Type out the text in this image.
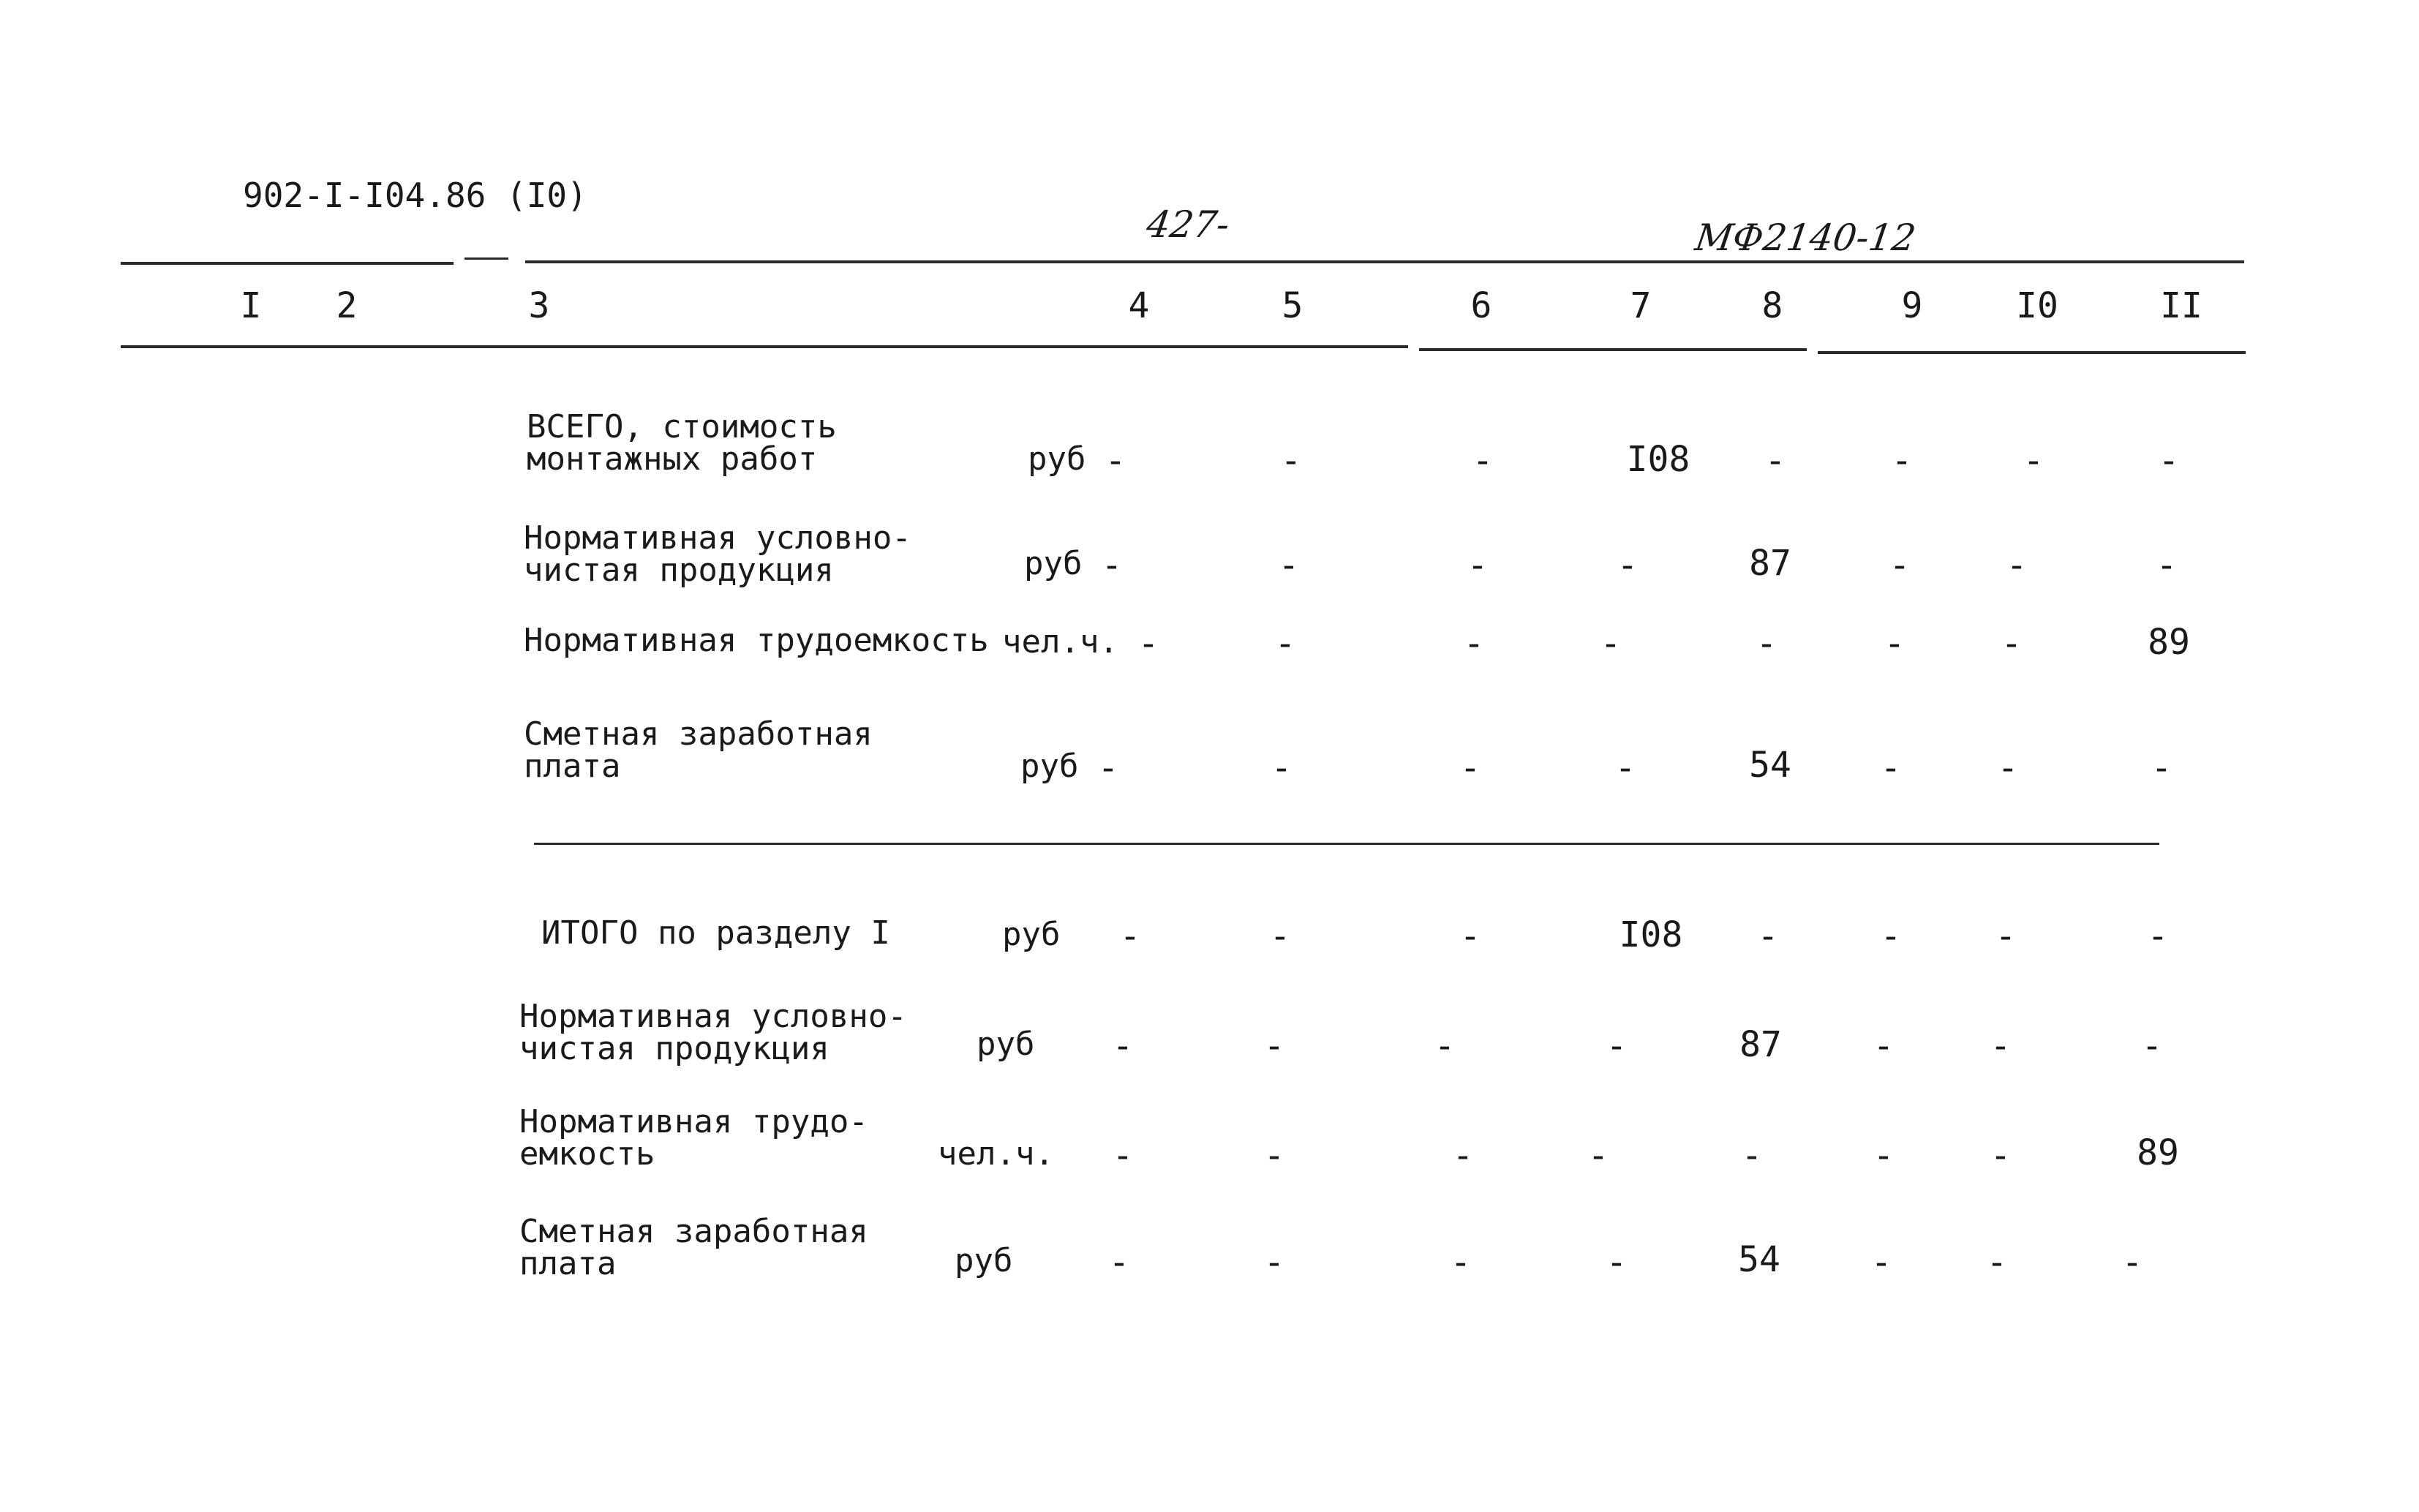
902-I-I04.86 (I0)
427-	МФ2140-12
I	2	3	4	5	6	7	8	9	I0	II
ВСЕГО, стоимость
монтажных работ	руб -	-	-	I08	-	-	-	-
Нормативная условно-
чистая продукция	руб -	-	-	-	87	-	-	-
Нормативная трудоемкость чел.ч. -	-	-	-	-	-	-	89
Сметная заработная
плата	руб -	-	-	-	54	-	-	-
ИТОГО по разделу I	руб	-	-	-	I08	-	-	-	-
Нормативная условно-
чистая продукция	руб	-	-	-	-	87	-	-	-
Нормативная трудо-
емкость	чел.ч.	-	-	-	-	-	-	-	89
Сметная заработная
плата	руб	-	-	-	-	54	-	-	-
